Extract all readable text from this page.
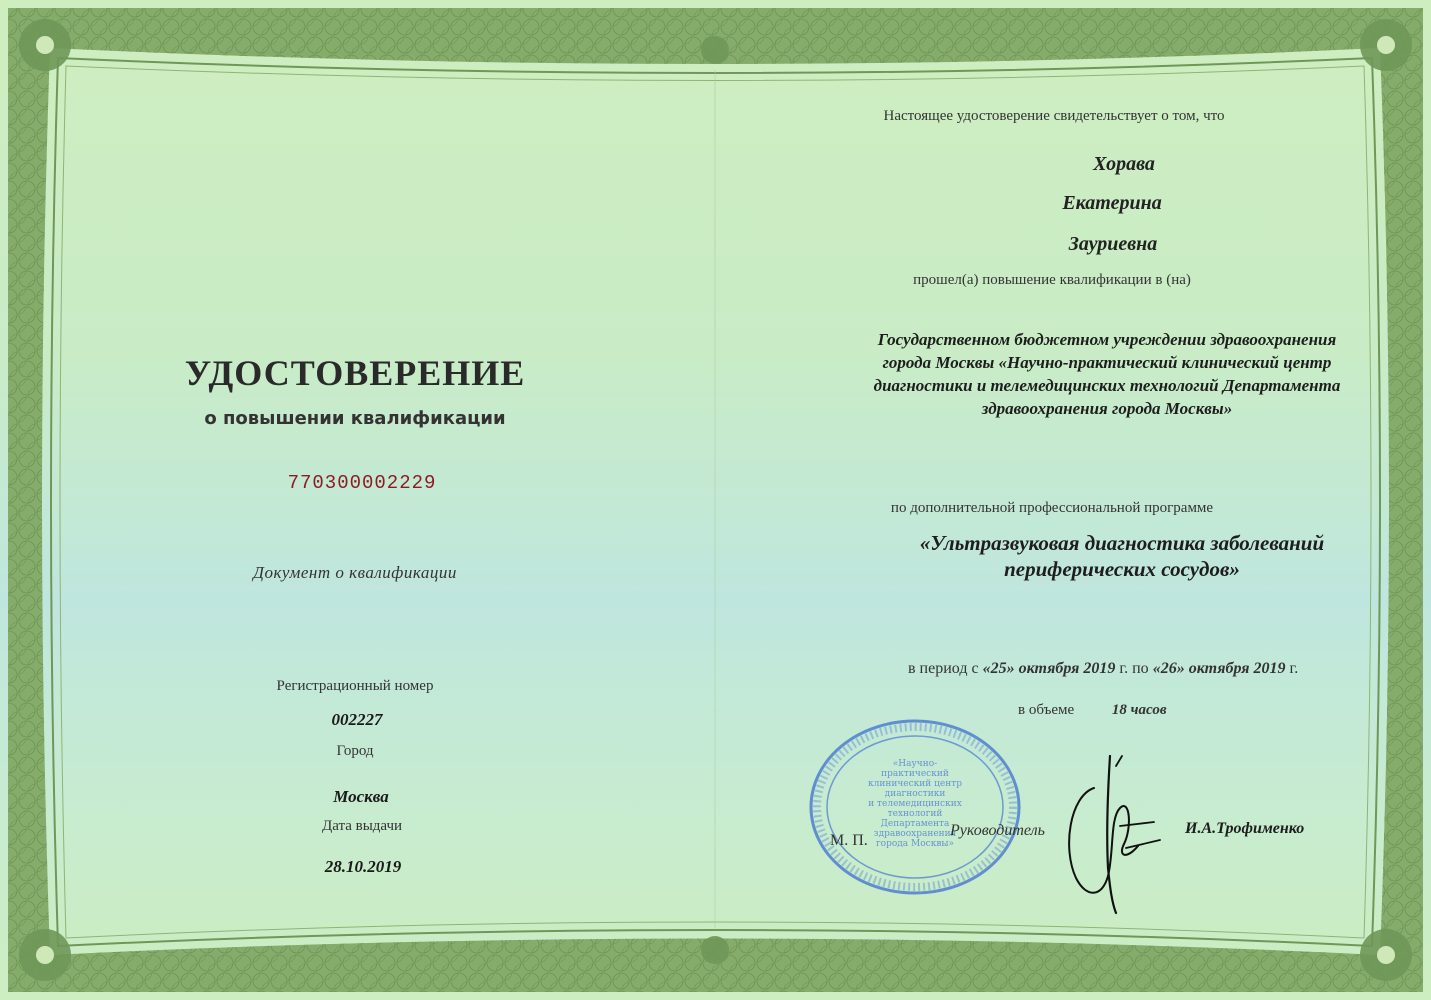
УДОСТОВЕРЕНИЕ
о повышении квалификации
770300002229
Документ о квалификации
Регистрационный номер
002227
Город
Москва
Дата выдачи
28.10.2019
Настоящее удостоверение свидетельствует о том, что
Хорава
Екатерина
Зауриевна
прошел(а) повышение квалификации в (на)
Государственном бюджетном учреждении здравоохранения
города Москвы «Научно-практический клинический центр
диагностики и телемедицинских технологий Департамента
здравоохранения города Москвы»
по дополнительной профессиональной программе
«Ультразвуковая диагностика заболеваний
периферических сосудов»
в период с «25» октября 2019 г. по «26» октября 2019 г.
в объеме	18 часов
«Научно-
практический
клинический центр
диагностики
и телемедицинских
технологий
Департамента
здравоохранения
города Москвы»
М. П.
Руководитель	И.А.Трофименко
